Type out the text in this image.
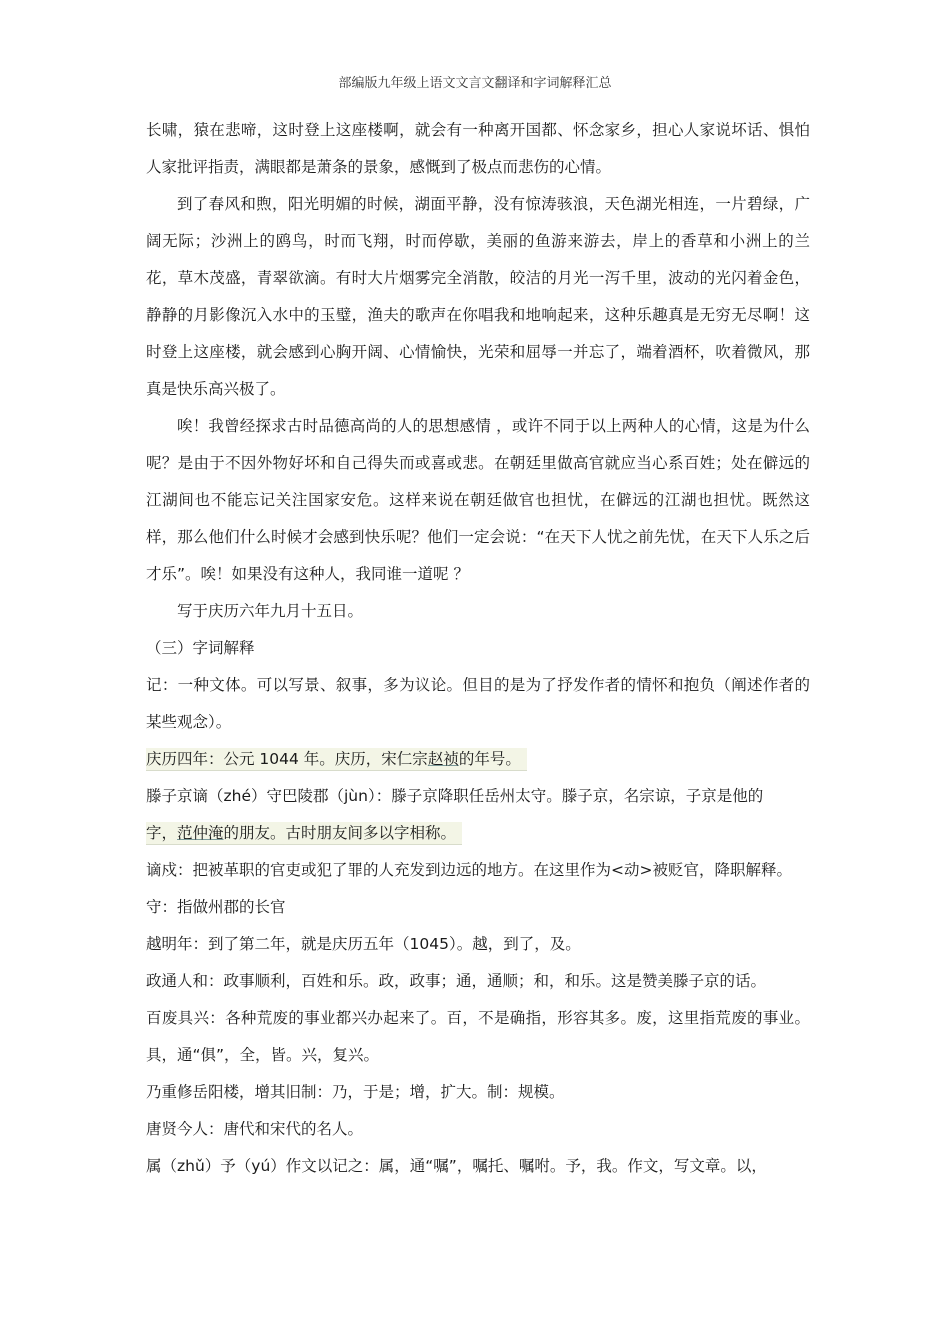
部编版九年级上语文文言文翻译和字词解释汇总

长啸，猿在悲啼，这时登上这座楼啊，就会有一种离开国都、怀念家乡，担心人家说坏话、惧怕人家批评指责，满眼都是萧条的景象，感慨到了极点而悲伤的心情。

到了春风和煦，阳光明媚的时候，湖面平静，没有惊涛骇浪，天色湖光相连，一片碧绿，广阔无际；沙洲上的鸥鸟，时而飞翔，时而停歇，美丽的鱼游来游去，岸上的香草和小洲上的兰花，草木茂盛，青翠欲滴。有时大片烟雾完全消散，皎洁的月光一泻千里，波动的光闪着金色，静静的月影像沉入水中的玉璧，渔夫的歌声在你唱我和地响起来，这种乐趣真是无穷无尽啊！这时登上这座楼，就会感到心胸开阔、心情愉快，光荣和屈辱一并忘了，端着酒杯，吹着微风，那真是快乐高兴极了。

唉！我曾经探求古时品德高尚的人的思想感情 ，或许不同于以上两种人的心情，这是为什么呢？是由于不因外物好坏和自己得失而或喜或悲。在朝廷里做高官就应当心系百姓；处在僻远的江湖间也不能忘记关注国家安危。这样来说在朝廷做官也担忧，在僻远的江湖也担忧。既然这样，那么他们什么时候才会感到快乐呢？他们一定会说：“在天下人忧之前先忧，在天下人乐之后才乐”。唉！如果没有这种人，我同谁一道呢 ？

写于庆历六年九月十五日。

（三）字词解释

记：一种文体。可以写景、叙事，多为议论。但目的是为了抒发作者的情怀和抱负（阐述作者的某些观念）。

庆历四年：公元 1044 年。庆历，宋仁宗赵祯的年号。

滕子京谪（zhé）守巴陵郡（jùn）：滕子京降职任岳州太守。滕子京，名宗谅，子京是他的
字，范仲淹的朋友。古时朋友间多以字相称。

谪戍：把被革职的官吏或犯了罪的人充发到边远的地方。在这里作为<动>被贬官，降职解释。

守：指做州郡的长官

越明年：到了第二年，就是庆历五年（1045）。越，到了，及。

政通人和：政事顺利，百姓和乐。政，政事；通，通顺；和，和乐。这是赞美滕子京的话。

百废具兴：各种荒废的事业都兴办起来了。百，不是确指，形容其多。废，这里指荒废的事业。具，通“俱”，全，皆。兴，复兴。

乃重修岳阳楼，增其旧制：乃，于是；增，扩大。制：规模。

唐贤今人：唐代和宋代的名人。

属（zhǔ）予（yú）作文以记之：属，通“嘱”，嘱托、嘱咐。予，我。作文，写文章。以，
